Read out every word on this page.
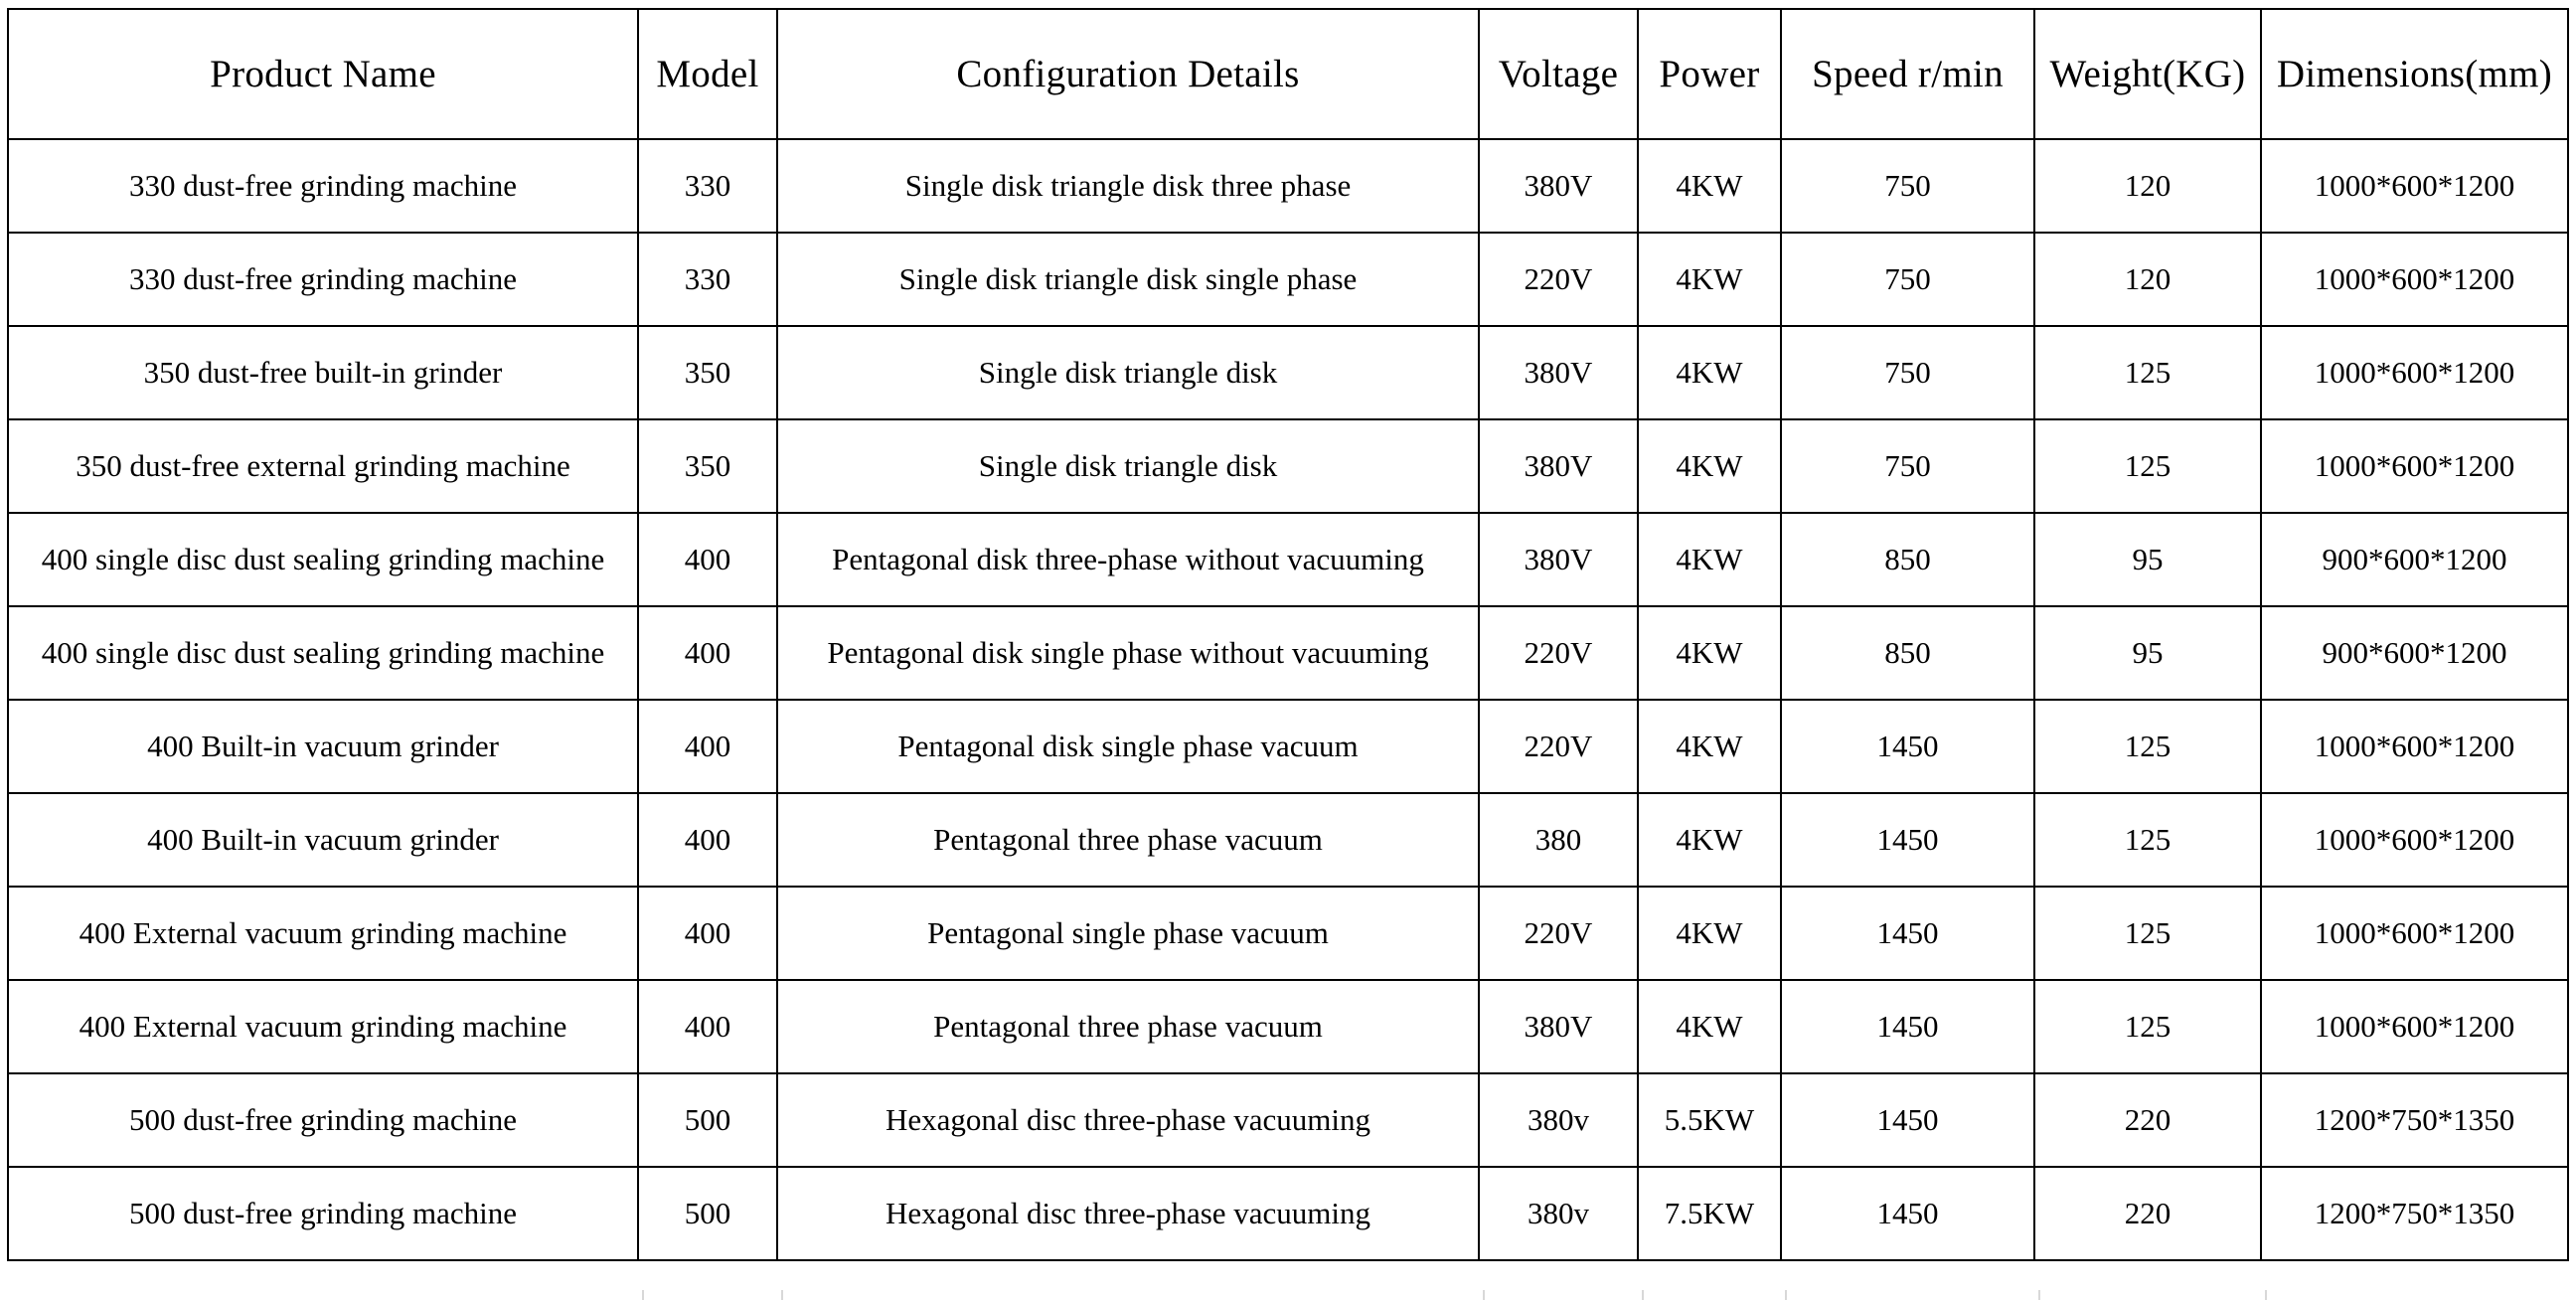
Product Name	Model	Configuration Details	Voltage	Power	Speed r/min	Weight(KG)	Dimensions(mm)
330 dust-free grinding machine	330	Single disk triangle disk three phase	380V	4KW	750	120	1000*600*1200
330 dust-free grinding machine	330	Single disk triangle disk single phase	220V	4KW	750	120	1000*600*1200
350 dust-free built-in grinder	350	Single disk triangle disk	380V	4KW	750	125	1000*600*1200
350 dust-free external grinding machine	350	Single disk triangle disk	380V	4KW	750	125	1000*600*1200
400 single disc dust sealing grinding machine	400	Pentagonal disk three-phase without vacuuming	380V	4KW	850	95	900*600*1200
400 single disc dust sealing grinding machine	400	Pentagonal disk single phase without vacuuming	220V	4KW	850	95	900*600*1200
400 Built-in vacuum grinder	400	Pentagonal disk single phase vacuum	220V	4KW	1450	125	1000*600*1200
400 Built-in vacuum grinder	400	Pentagonal three phase vacuum	380	4KW	1450	125	1000*600*1200
400 External vacuum grinding machine	400	Pentagonal single phase vacuum	220V	4KW	1450	125	1000*600*1200
400 External vacuum grinding machine	400	Pentagonal three phase vacuum	380V	4KW	1450	125	1000*600*1200
500 dust-free grinding machine	500	Hexagonal disc three-phase vacuuming	380v	5.5KW	1450	220	1200*750*1350
500 dust-free grinding machine	500	Hexagonal disc three-phase vacuuming	380v	7.5KW	1450	220	1200*750*1350
